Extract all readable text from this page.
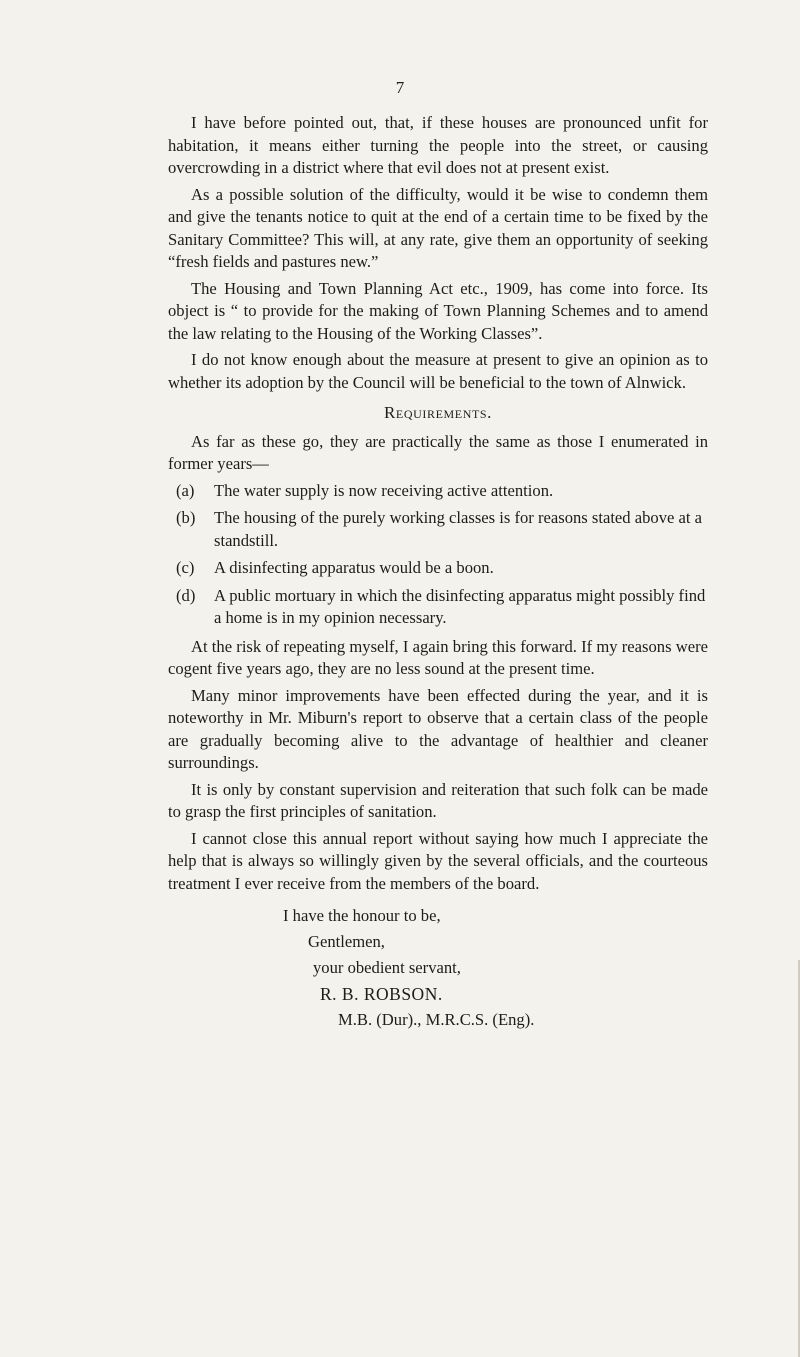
7

I have before pointed out, that, if these houses are pronounced unfit for habitation, it means either turning the people into the street, or causing overcrowding in a district where that evil does not at present exist.

As a possible solution of the difficulty, would it be wise to condemn them and give the tenants notice to quit at the end of a certain time to be fixed by the Sanitary Committee? This will, at any rate, give them an opportunity of seeking “fresh fields and pastures new.”

The Housing and Town Planning Act etc., 1909, has come into force. Its object is “ to provide for the making of Town Planning Schemes and to amend the law relating to the Housing of the Working Classes”.

I do not know enough about the measure at present to give an opinion as to whether its adoption by the Council will be beneficial to the town of Alnwick.

Requirements.

As far as these go, they are practically the same as those I enumerated in former years—

(a)	The water supply is now receiving active attention.
(b)	The housing of the purely working classes is for reasons stated above at a standstill.
(c)	A disinfecting apparatus would be a boon.
(d)	A public mortuary in which the disinfecting apparatus might possibly find a home is in my opinion necessary.

At the risk of repeating myself, I again bring this forward. If my reasons were cogent five years ago, they are no less sound at the present time.

Many minor improvements have been effected during the year, and it is noteworthy in Mr. Miburn's report to observe that a certain class of the people are gradually becoming alive to the advantage of healthier and cleaner surroundings.

It is only by constant supervision and reiteration that such folk can be made to grasp the first principles of sanitation.

I cannot close this annual report without saying how much I appreciate the help that is always so willingly given by the several officials, and the courteous treatment I ever receive from the members of the board.

I have the honour to be,
Gentlemen,
your obedient servant,
R. B. ROBSON.
M.B. (Dur)., M.R.C.S. (Eng).
